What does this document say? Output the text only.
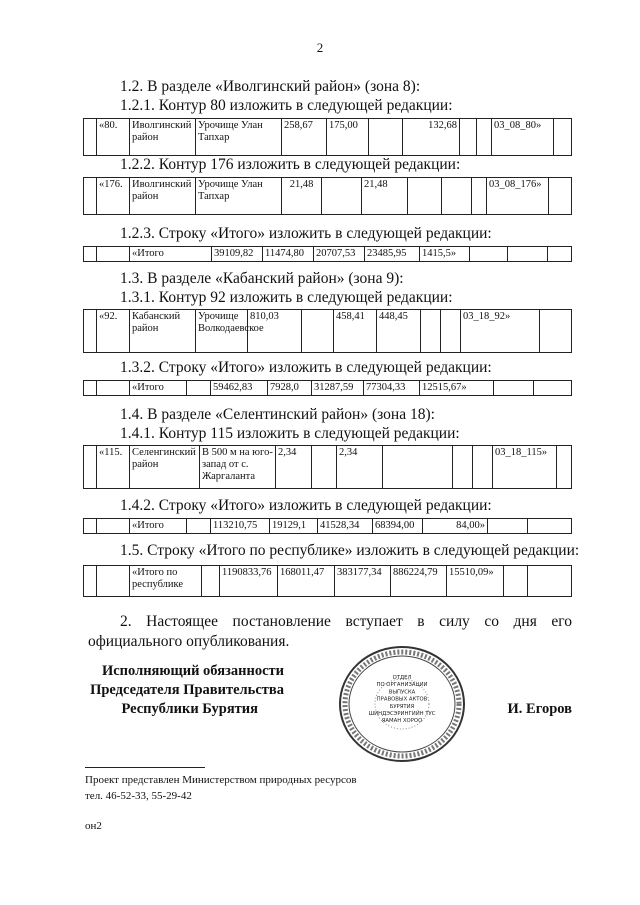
2
1.2. В разделе «Иволгинский район» (зона 8):
1.2.1. Контур 80 изложить в следующей редакции:
	«80.	Иволгинский район	Урочище Улан Тапхар	258,67	175,00		132,68			03_08_80»	
1.2.2. Контур 176 изложить в следующей редакции:
	«176.	Иволгинский район	Урочище Улан Тапхар	21,48		21,48				03_08_176»	
1.2.3. Строку «Итого» изложить в следующей редакции:
		«Итого	39109,82	11474,80	20707,53	23485,95	1415,5»			
1.3. В разделе «Кабанский район» (зона 9):
1.3.1. Контур 92 изложить в следующей редакции:
	«92.	Кабанский район	Урочище Волкодаевское	810,03		458,41	448,45			03_18_92»	
1.3.2. Строку «Итого» изложить в следующей редакции:
		«Итого		59462,83	7928,0	31287,59	77304,33	12515,67»		
1.4. В разделе «Селентинский район» (зона 18):
1.4.1. Контур 115 изложить в следующей редакции:
	«115.	Селенгинский район	В 500 м на юго-запад от с. Жаргаланта	2,34		2,34				03_18_115»	
1.4.2. Строку «Итого» изложить в следующей редакции:
		«Итого		113210,75	19129,1	41528,34	68394,00	84,00»		
1.5. Строку «Итого по республике» изложить в следующей редакции:
		«Итого по республике		1190833,76	168011,47	383177,34	886224,79	15510,09»		
2. Настоящее постановление вступает в силу со дня его официального опубликования.
Исполняющий обязанности
Председателя Правительства
Республики Бурятия	И. Егоров
ОТДЕЛ
ПО ОРГАНИЗАЦИИ
ВЫПУСКА
ПРАВОВЫХ АКТОВ
БУРЯТИЯ
ШИНДЭСЭРИНГИЙН ТУС
ЯАМАН ХОРОО
Проект представлен Министерством природных ресурсов
тел. 46-52-33, 55-29-42
он2
